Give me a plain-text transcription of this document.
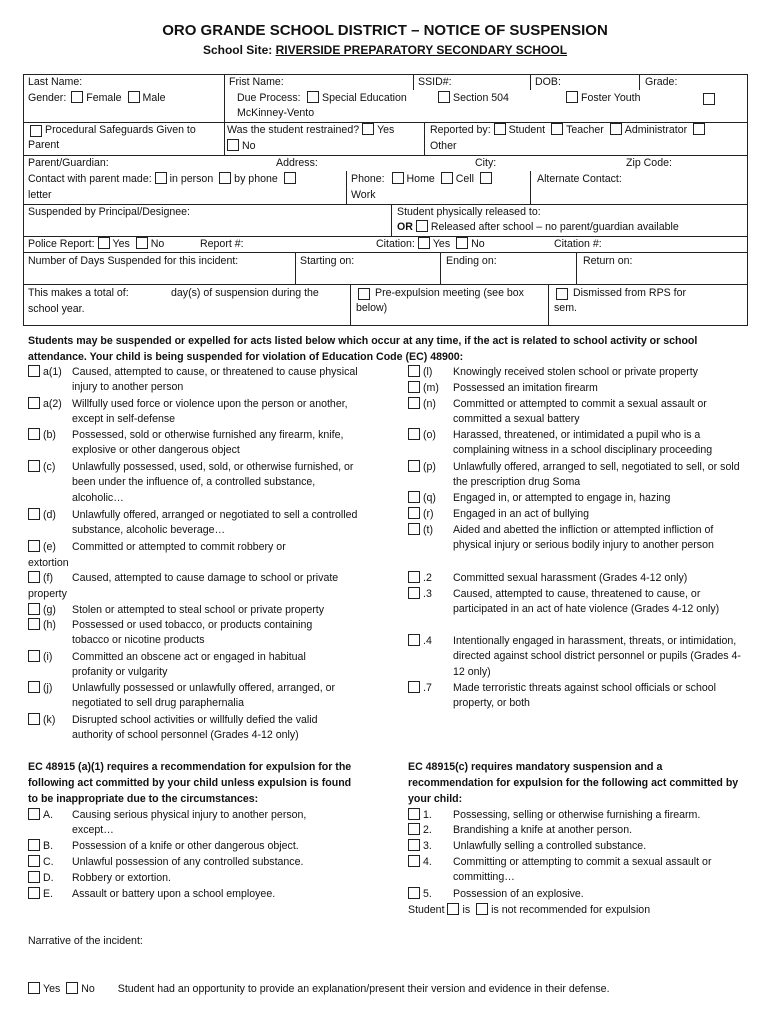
ORO GRANDE SCHOOL DISTRICT – NOTICE OF SUSPENSION
School Site: RIVERSIDE PREPARATORY SECONDARY SCHOOL
Last Name:	Frist Name:	SSID#:	DOB:	Grade:
Gender: Female Male	Due Process:	Special Education	Section 504	Foster Youth
McKinney-Vento
Procedural Safeguards Given to Parent
Was the student restrained? Yes
No
Reported by: Student Teacher Administrator
Other
Parent/Guardian:	Address:	City:	Zip Code:
Contact with parent made: in person by phone
letter
Phone: Home Cell
Work
Alternate Contact:
Suspended by Principal/Designee:	Student physically released to:
OR Released after school – no parent/guardian available
Police Report: Yes No	Report #:	Citation: Yes No	Citation #:
Number of Days Suspended for this incident:	Starting on:	Ending on:	Return on:
This makes a total of:	day(s) of suspension during the
school year.
Pre-expulsion meeting (see box below)
Dismissed from RPS for sem.
Students may be suspended or expelled for acts listed below which occur at any time, if the act is related to school activity or school attendance. Your child is being suspended for violation of Education Code (EC) 48900:
a(1) Caused, attempted to cause, or threatened to cause physical injury to another person
a(2) Willfully used force or violence upon the person or another, except in self-defense
(b) Possessed, sold or otherwise furnished any firearm, knife, explosive or other dangerous object
(c) Unlawfully possessed, used, sold, or otherwise furnished, or been under the influence of, a controlled substance, alcoholic…
(d) Unlawfully offered, arranged or negotiated to sell a controlled substance, alcoholic beverage…
(e) Committed or attempted to commit robbery or
extortion
(f) Caused, attempted to cause damage to school or private
property
(g) Stolen or attempted to steal school or private property
(h) Possessed or used tobacco, or products containing tobacco or nicotine products
(i) Committed an obscene act or engaged in habitual profanity or vulgarity
(j) Unlawfully possessed or unlawfully offered, arranged, or negotiated to sell drug paraphernalia
(k) Disrupted school activities or willfully defied the valid authority of school personnel (Grades 4-12 only)
(l) Knowingly received stolen school or private property
(m) Possessed an imitation firearm
(n) Committed or attempted to commit a sexual assault or committed a sexual battery
(o) Harassed, threatened, or intimidated a pupil who is a complaining witness in a school disciplinary proceeding
(p) Unlawfully offered, arranged to sell, negotiated to sell, or sold the prescription drug Soma
(q) Engaged in, or attempted to engage in, hazing
(r) Engaged in an act of bullying
(t) Aided and abetted the infliction or attempted infliction of physical injury or serious bodily injury to another person
.2 Committed sexual harassment (Grades 4-12 only)
.3 Caused, attempted to cause, threatened to cause, or participated in an act of hate violence (Grades 4-12 only)
.4 Intentionally engaged in harassment, threats, or intimidation, directed against school district personnel or pupils (Grades 4-12 only)
.7 Made terroristic threats against school officials or school property, or both
EC 48915 (a)(1) requires a recommendation for expulsion for the following act committed by your child unless expulsion is found to be inappropriate due to the circumstances:
A. Causing serious physical injury to another person, except…
B. Possession of a knife or other dangerous object.
C. Unlawful possession of any controlled substance.
D. Robbery or extortion.
E. Assault or battery upon a school employee.
EC 48915(c) requires mandatory suspension and a recommendation for expulsion for the following act committed by your child:
1. Possessing, selling or otherwise furnishing a firearm.
2. Brandishing a knife at another person.
3. Unlawfully selling a controlled substance.
4. Committing or attempting to commit a sexual assault or committing…
5. Possession of an explosive.
Student is is not recommended for expulsion
Narrative of the incident:
Yes No Student had an opportunity to provide an explanation/present their version and evidence in their defense.
